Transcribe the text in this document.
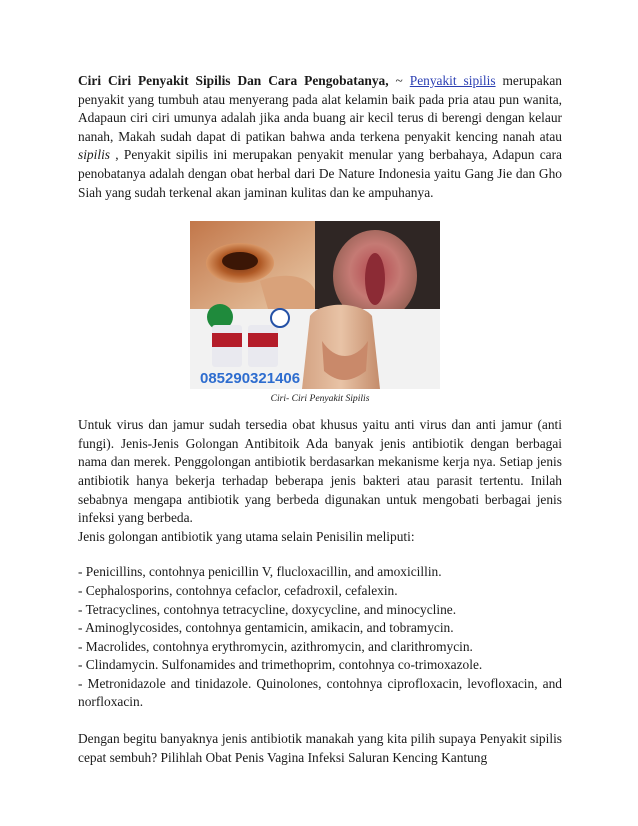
Ciri Ciri Penyakit Sipilis Dan Cara Pengobatanya, ~ Penyakit sipilis merupakan penyakit yang tumbuh atau menyerang pada alat kelamin baik pada pria atau pun wanita, Adapaun ciri ciri umunya adalah jika anda buang air kecil terus di berengi dengan kelaur nanah, Makah sudah dapat di patikan bahwa anda terkena penyakit kencing nanah atau sipilis , Penyakit sipilis ini merupakan penyakit menular yang berbahaya, Adapun cara penobatanya adalah dengan obat herbal dari De Nature Indonesia yaitu Gang Jie dan Gho Siah yang sudah terkenal akan jaminan kulitas dan ke ampuhanya.

085290321406
Ciri- Ciri Penyakit Sipilis

Untuk virus dan jamur sudah tersedia obat khusus yaitu anti virus dan anti jamur (anti fungi). Jenis-Jenis Golongan Antibitoik Ada banyak jenis antibiotik dengan berbagai nama dan merek. Penggolongan antibiotik berdasarkan mekanisme kerja nya. Setiap jenis antibiotik hanya bekerja terhadap beberapa jenis bakteri atau parasit tertentu. Inilah sebabnya mengapa antibiotik yang berbeda digunakan untuk mengobati berbagai jenis infeksi yang berbeda.

Jenis golongan antibiotik yang utama selain Penisilin meliputi:

- Penicillins, contohnya penicillin V, flucloxacillin, and amoxicillin.

- Cephalosporins, contohnya cefaclor, cefadroxil, cefalexin.

- Tetracyclines, contohnya tetracycline, doxycycline, and minocycline.

- Aminoglycosides, contohnya gentamicin, amikacin, and tobramycin.

- Macrolides, contohnya erythromycin, azithromycin, and clarithromycin.

- Clindamycin. Sulfonamides and trimethoprim, contohnya co-trimoxazole.

- Metronidazole and tinidazole. Quinolones, contohnya ciprofloxacin, levofloxacin, and norfloxacin.

Dengan begitu banyaknya jenis antibiotik manakah yang kita pilih supaya Penyakit sipilis cepat sembuh? Pilihlah Obat Penis Vagina Infeksi Saluran Kencing Kantung
